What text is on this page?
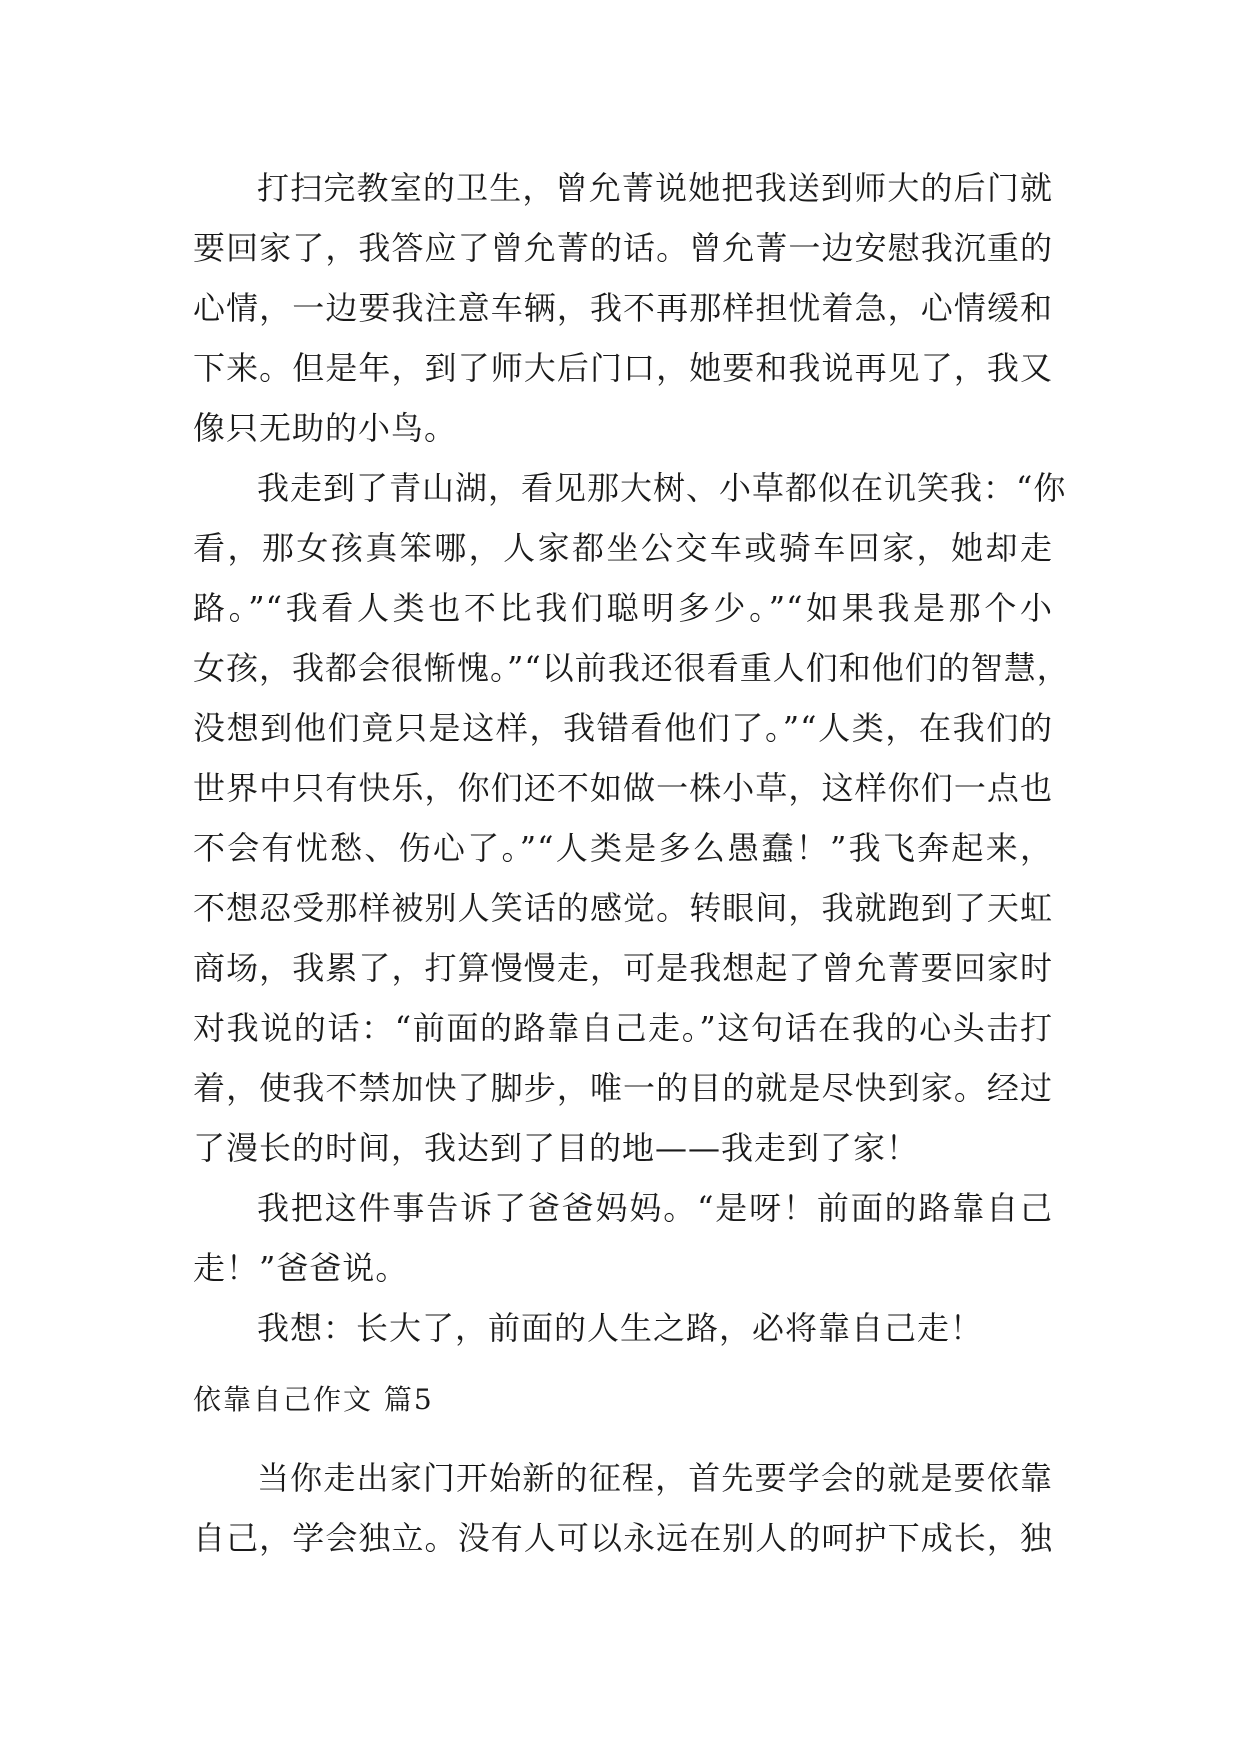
打扫完教室的卫生，曾允菁说她把我送到师大的后门就
要回家了，我答应了曾允菁的话。曾允菁一边安慰我沉重的
心情，一边要我注意车辆，我不再那样担忧着急，心情缓和
下来。但是年，到了师大后门口，她要和我说再见了，我又
像只无助的小鸟。
我走到了青山湖，看见那大树、小草都似在讥笑我：“你
看，那女孩真笨哪，人家都坐公交车或骑车回家，她却走
路。”“我看人类也不比我们聪明多少。”“如果我是那个小
女孩，我都会很惭愧。”“以前我还很看重人们和他们的智慧，
没想到他们竟只是这样，我错看他们了。”“人类，在我们的
世界中只有快乐，你们还不如做一株小草，这样你们一点也
不会有忧愁、伤心了。”“人类是多么愚蠢！”我飞奔起来，
不想忍受那样被别人笑话的感觉。转眼间，我就跑到了天虹
商场，我累了，打算慢慢走，可是我想起了曾允菁要回家时
对我说的话：“前面的路靠自己走。”这句话在我的心头击打
着，使我不禁加快了脚步，唯一的目的就是尽快到家。经过
了漫长的时间，我达到了目的地——我走到了家！
我把这件事告诉了爸爸妈妈。“是呀！前面的路靠自己
走！”爸爸说。
我想：长大了，前面的人生之路，必将靠自己走！
依靠自己作文 篇5
当你走出家门开始新的征程，首先要学会的就是要依靠
自己，学会独立。没有人可以永远在别人的呵护下成长，独
